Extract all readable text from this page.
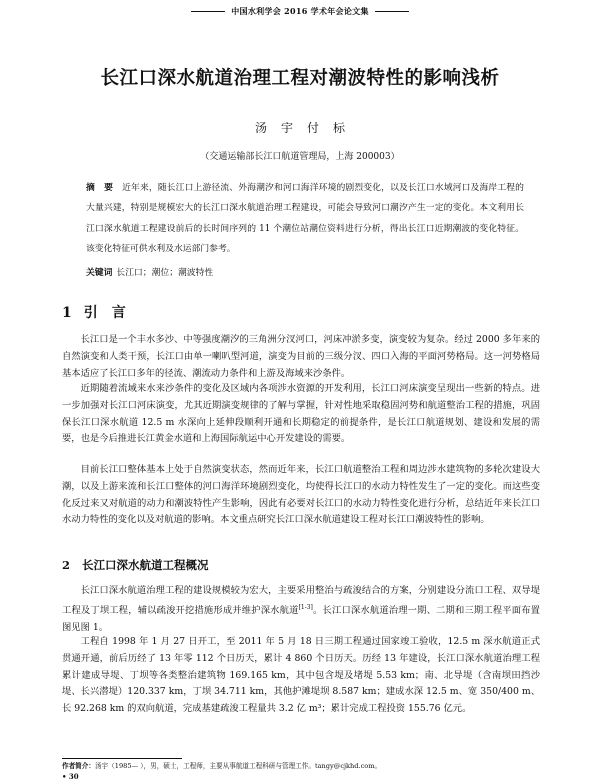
中国水利学会 2016 学术年会论文集
长江口深水航道治理工程对潮波特性的影响浅析
汤宇付标
（交通运输部长江口航道管理局，上海 200003）
摘 要 近年来，随长江口上游径流、外海潮汐和河口海洋环境的剧烈变化，以及长江口水域河口及海岸工程的大量兴建，特别是规模宏大的长江口深水航道治理工程建设，可能会导致河口潮汐产生一定的变化。本文利用长江口深水航道工程建设前后的长时间序列的 11 个潮位站潮位资料进行分析，得出长江口近期潮波的变化特征。该变化特征可供水利及水运部门参考。
关键词 长江口；潮位；潮波特性
1 引言
长江口是一个丰水多沙、中等强度潮汐的三角洲分汊河口，河床冲淤多变，演变较为复杂。经过 2000 多年来的自然演变和人类干预，长江口由单一喇叭型河道，演变为目前的三级分汊、四口入海的平面河势格局。这一河势格局基本适应了长江口多年的径流、潮流动力条件和上游及海域来沙条件。
近期随着流域来水来沙条件的变化及区域内各项涉水资源的开发利用，长江口河床演变呈现出一些新的特点。进一步加强对长江口河床演变，尤其近期演变规律的了解与掌握，针对性地采取稳固河势和航道整治工程的措施，巩固保长江口深水航道 12.5 m 水深向上延伸段顺利开通和长期稳定的前提条件，是长江口航道规划、建设和发展的需要，也是今后推进长江黄金水道和上海国际航运中心开发建设的需要。
目前长江口整体基本上处于自然演变状态，然而近年来，长江口航道整治工程和周边涉水建筑物的多轮次建设大潮，以及上游来流和长江口整体的河口海洋环境剧烈变化，均使得长江口的水动力特性发生了一定的变化。而这些变化反过来又对航道的动力和潮波特性产生影响，因此有必要对长江口的水动力特性变化进行分析，总结近年来长江口水动力特性的变化以及对航道的影响。本文重点研究长江口深水航道建设工程对长江口潮波特性的影响。
2 长江口深水航道工程概况
长江口深水航道治理工程的建设规模较为宏大，主要采用整治与疏浚结合的方案，分别建设分流口工程、双导堤工程及丁坝工程，辅以疏浚开挖措施形成并维护深水航道[1-3]。长江口深水航道治理一期、二期和三期工程平面布置图见图 1。
工程自 1998 年 1 月 27 日开工，至 2011 年 5 月 18 日三期工程通过国家竣工验收，12.5 m 深水航道正式贯通开通，前后历经了 13 年零 112 个日历天，累计 4 860 个日历天。历经 13 年建设，长江口深水航道治理工程累计建成导堤、丁坝等各类整治建筑物 169.165 km，其中包含堤及堵堤 5.53 km；南、北导堤（含南坝田挡沙堤、长兴潜堤）120.337 km，丁坝 34.711 km，其他护滩堤坝 8.587 km；建成水深 12.5 m、宽 350/400 m、长 92.268 km 的双向航道，完成基建疏浚工程量共 3.2 亿 m³；累计完成工程投资 155.76 亿元。
作者简介：汤宇（1985— ），男，硕士，工程师，主要从事航道工程科研与管理工作。tangy@cjkhd.com。
• 30
